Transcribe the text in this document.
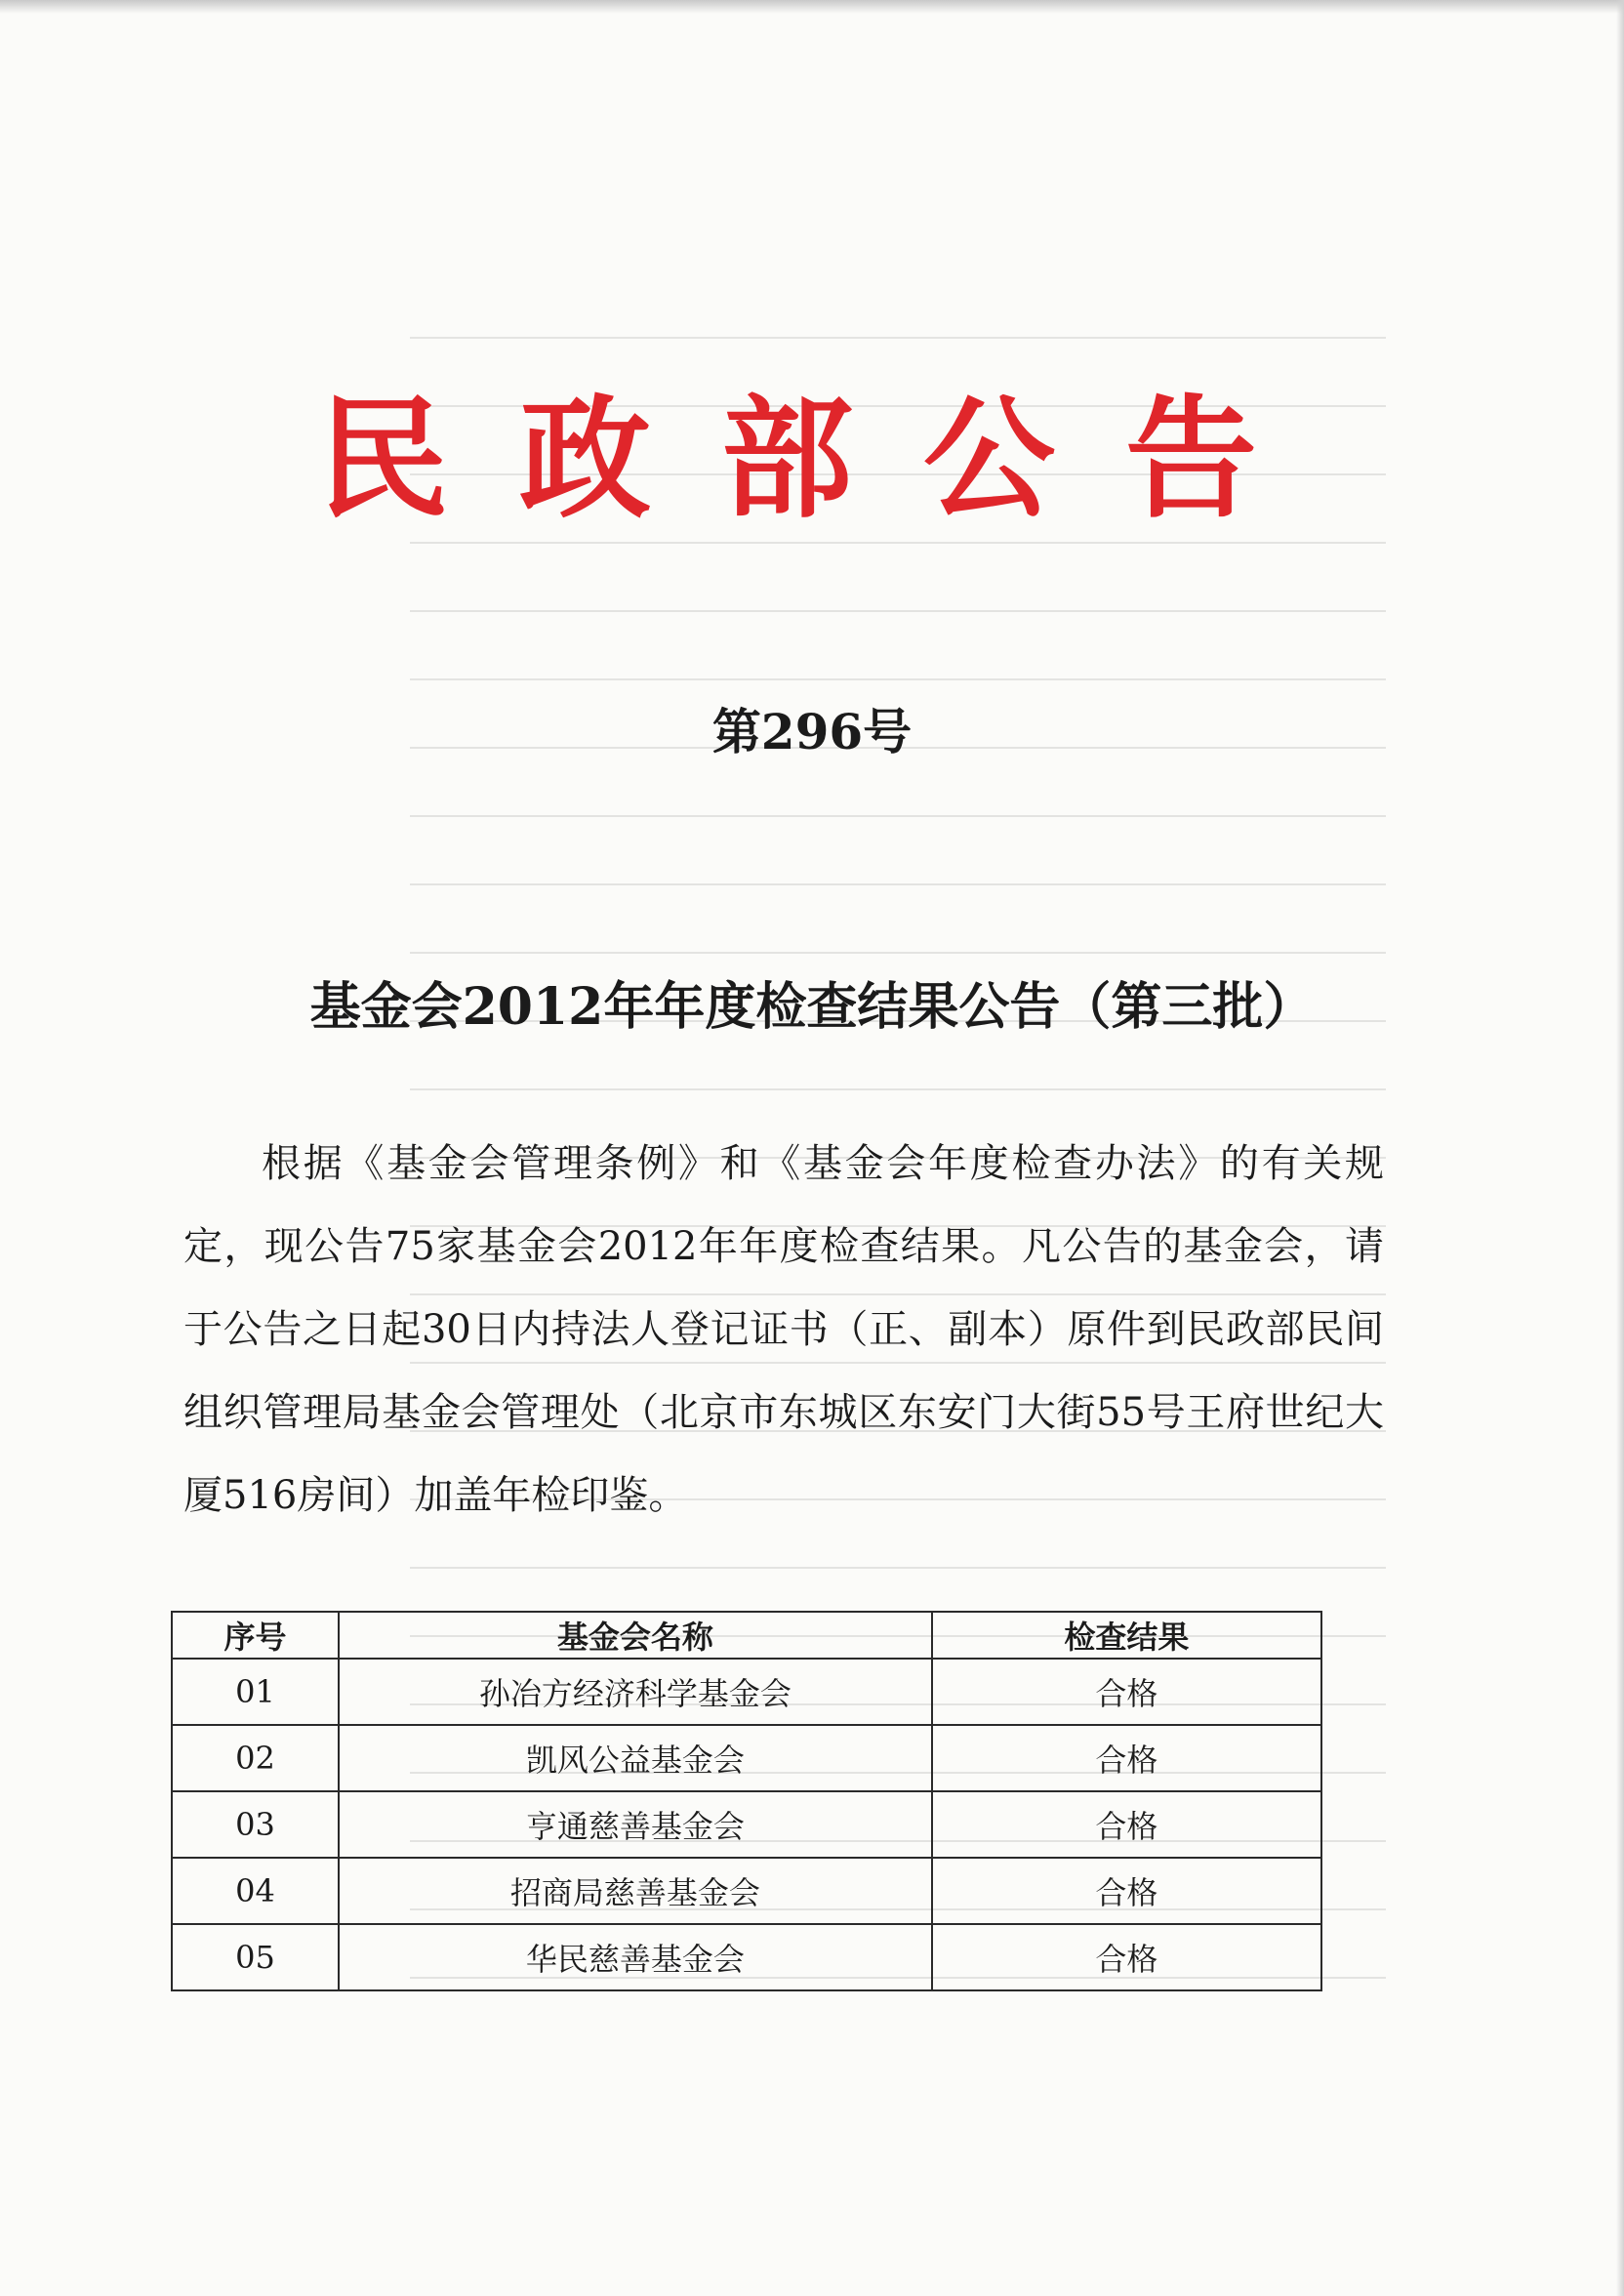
民政部公告
第296号
基金会2012年年度检查结果公告（第三批）
根据《基金会管理条例》和《基金会年度检查办法》的有关规定，现公告75家基金会2012年年度检查结果。凡公告的基金会，请于公告之日起30日内持法人登记证书（正、副本）原件到民政部民间组织管理局基金会管理处（北京市东城区东安门大街55号王府世纪大厦516房间）加盖年检印鉴。
序号	基金会名称	检查结果
01	孙冶方经济科学基金会	合格
02	凯风公益基金会	合格
03	亨通慈善基金会	合格
04	招商局慈善基金会	合格
05	华民慈善基金会	合格
